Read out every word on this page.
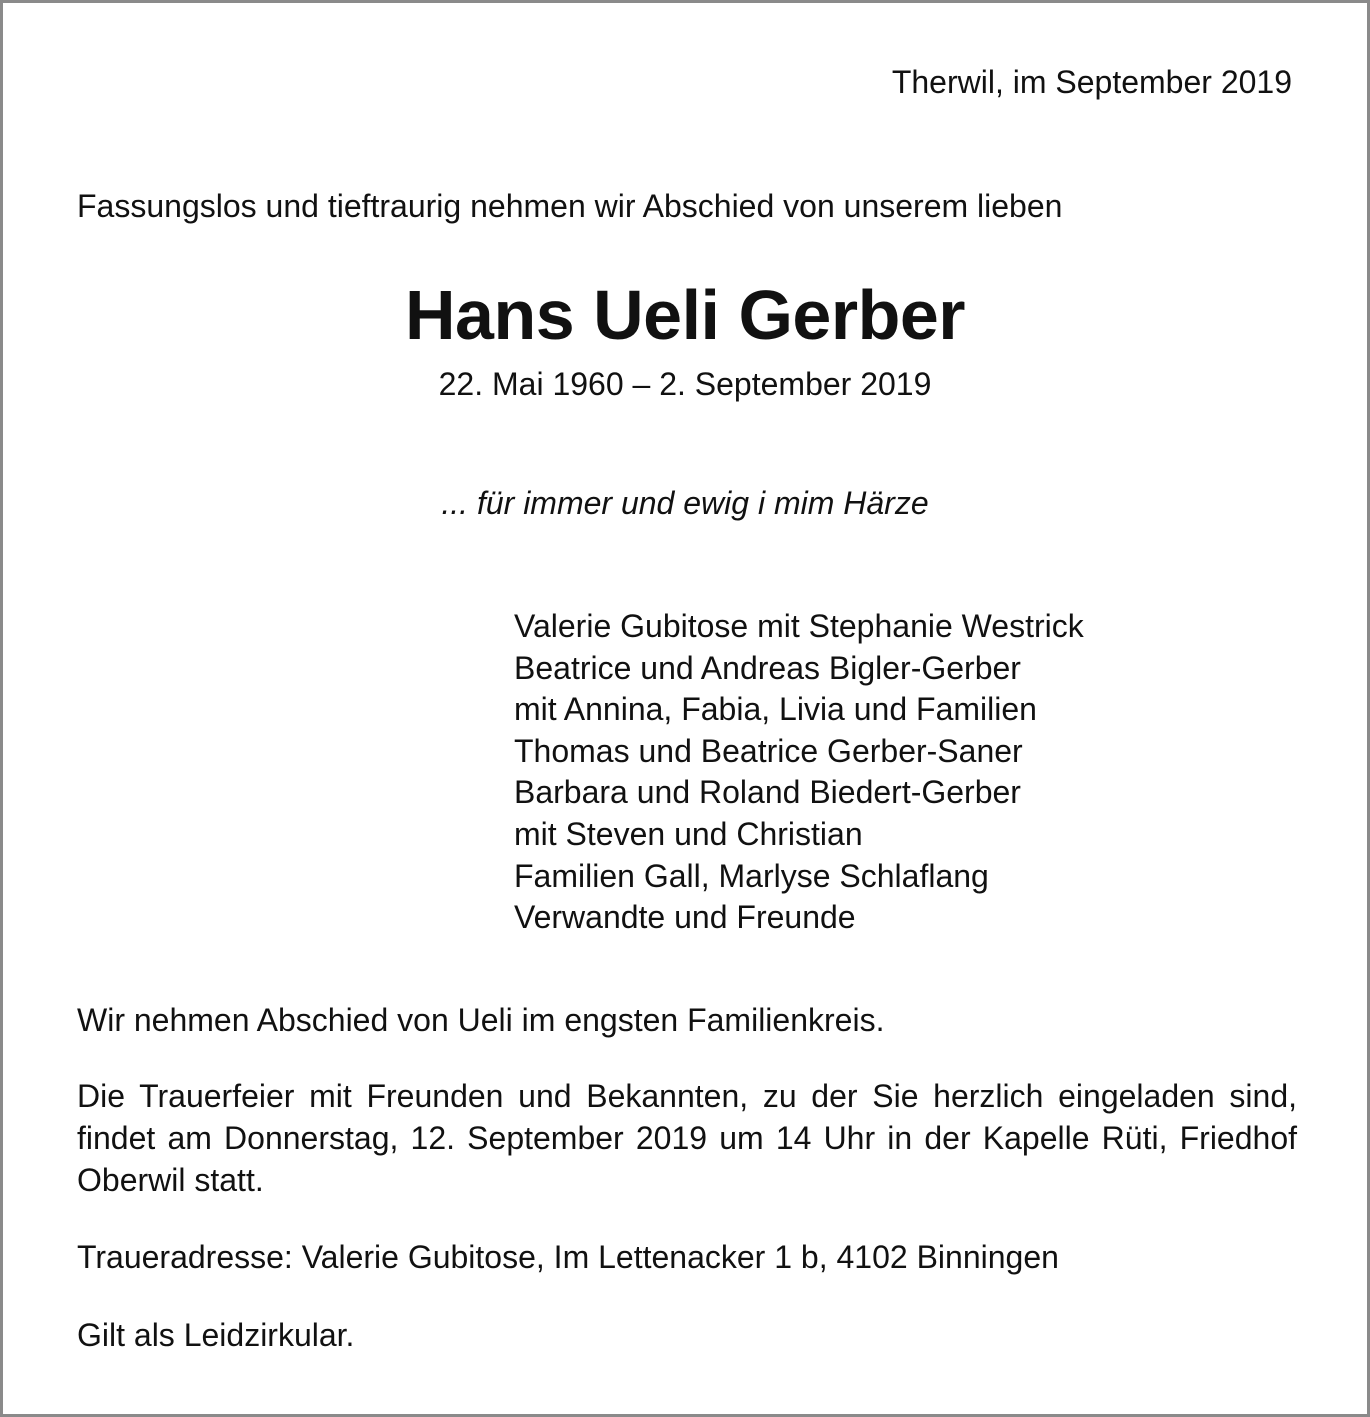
Therwil, im September 2019

Fassungslos und tieftraurig nehmen wir Abschied von unserem lieben

Hans Ueli Gerber

22. Mai 1960 – 2. September 2019

... für immer und ewig i mim Härze

Valerie Gubitose mit Stephanie Westrick
Beatrice und Andreas Bigler-Gerber
mit Annina, Fabia, Livia und Familien
Thomas und Beatrice Gerber-Saner
Barbara und Roland Biedert-Gerber
mit Steven und Christian
Familien Gall, Marlyse Schlaflang
Verwandte und Freunde

Wir nehmen Abschied von Ueli im engsten Familienkreis.

Die Trauerfeier mit Freunden und Bekannten, zu der Sie herzlich eingeladen sind, findet am Donnerstag, 12. September 2019 um 14 Uhr in der Kapelle Rüti, Friedhof Oberwil statt.

Traueradresse: Valerie Gubitose, Im Lettenacker 1 b, 4102 Binningen

Gilt als Leidzirkular.
